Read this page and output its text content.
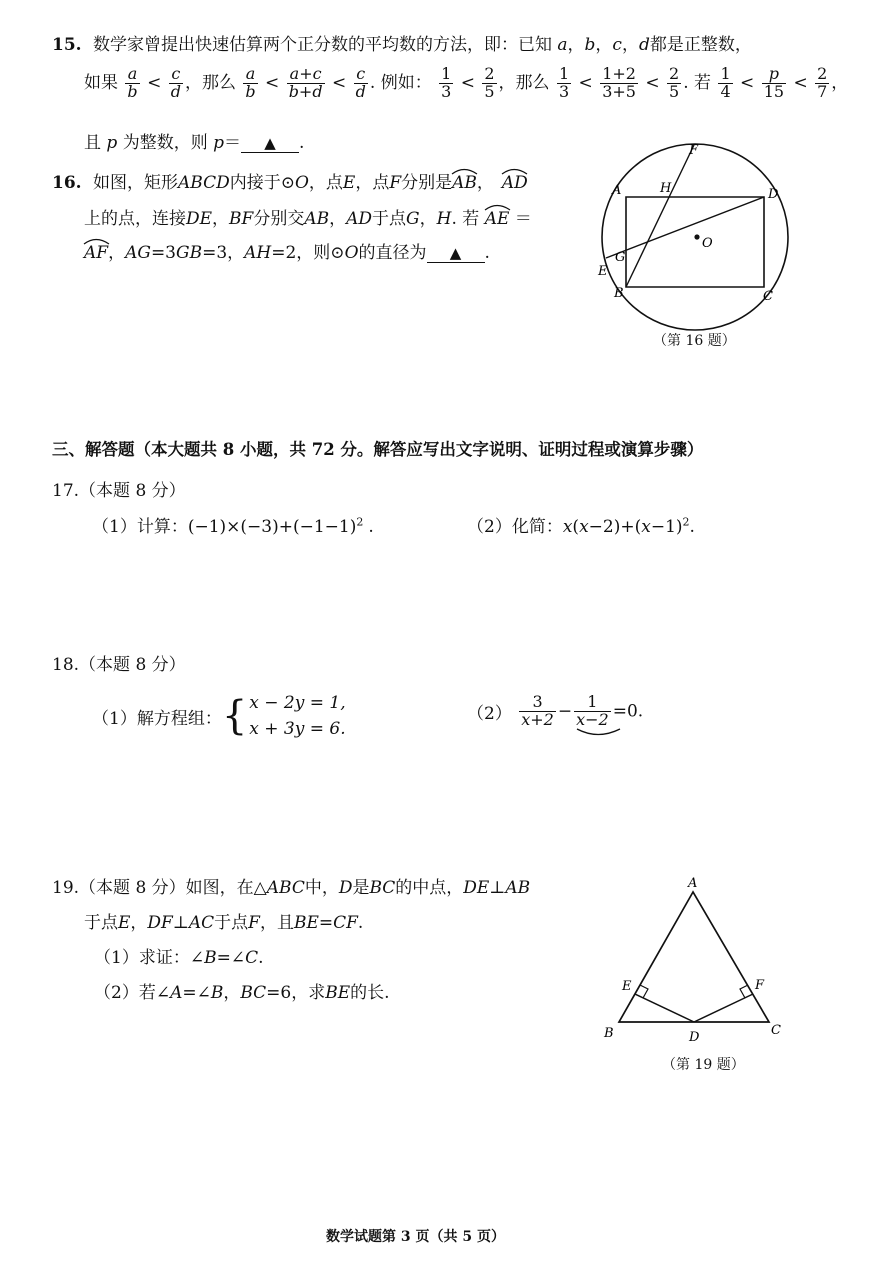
15. 数学家曾提出快速估算两个正分数的平均数的方法，即：已知 a，b，c，d都是正整数，
如果 $\frac{a}{b} < \frac{c}{d}$ ，那么 $\frac{a}{b} < \frac{a+c}{b+d} < \frac{c}{d}$ . 例如： $\frac{1}{3} < \frac{2}{5}$ ，那么 $\frac{1}{3} < \frac{1+2}{3+5} < \frac{2}{5}$ . 若 $\frac{1}{4} < \frac{p}{15} < \frac{2}{7}$ ，
且 p 为整数，则 p＝ ▲ .
16. 如图，矩形ABCD内接于⊙O，点E，点F分别是
AB， AD
上的点，连接DE，BF分别交AB，AD于点G，H. 若 AE ＝
AF，AG=3GB=3，AH=2，则⊙O的直径为 ▲ .
F
A	H	D
O
G
E
B	C
（第 16 题）
三、解答题（本大题共 8 小题，共 72 分。解答应写出文字说明、证明过程或演算步骤）
17.（本题 8 分）
（1）计算：$(-1)\times(-3)+(-1-1)^2$ .	（2）化简：$x(x-2)+(x-1)^2$.
18.（本题 8 分）
（1）解方程组：{ x − 2y = 1,
x + 3y = 6.
$(2) \frac{3}{x+2} - \frac{1}{x-2} =0$.
19.（本题 8 分）如图，在△ABC中，D是BC的中点，DE⊥AB
于点E，DF⊥AC于点F，且BE=CF.
（1）求证：∠B=∠C.
（2）若∠A=∠B，BC=6，求BE的长.
A
E	F
B	D	C
（第 19 题）
数学试题第 3 页（共 5 页）
